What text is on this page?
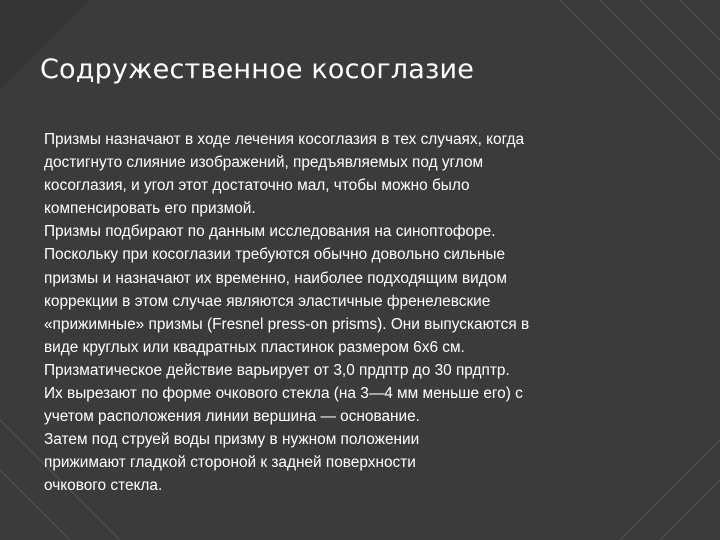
Содружественное косоглазие
Призмы назначают в ходе лечения косоглазия в тех случаях, когда
достигнуто слияние изображений, предъявляемых под углом
косоглазия, и угол этот достаточно мал, чтобы можно было
компенсировать его призмой.
Призмы подбирают по данным исследования на синоптофоре.
Поскольку при косоглазии требуются обычно довольно сильные
призмы и назначают их временно, наиболее подходящим видом
коррекции в этом случае являются эластичные френелевские
«прижимные» призмы (Fresnel press-on prisms). Они выпускаются в
виде круглых или квадратных пластинок размером 6x6 см.
Призматическое действие варьирует от 3,0 прдптр до 30 прдптр.
Их вырезают по форме очкового стекла (на 3—4 мм меньше его) с
учетом расположения линии вершина — основание.
Затем под струей воды призму в нужном положении
прижимают гладкой стороной к задней поверхности
очкового стекла.
